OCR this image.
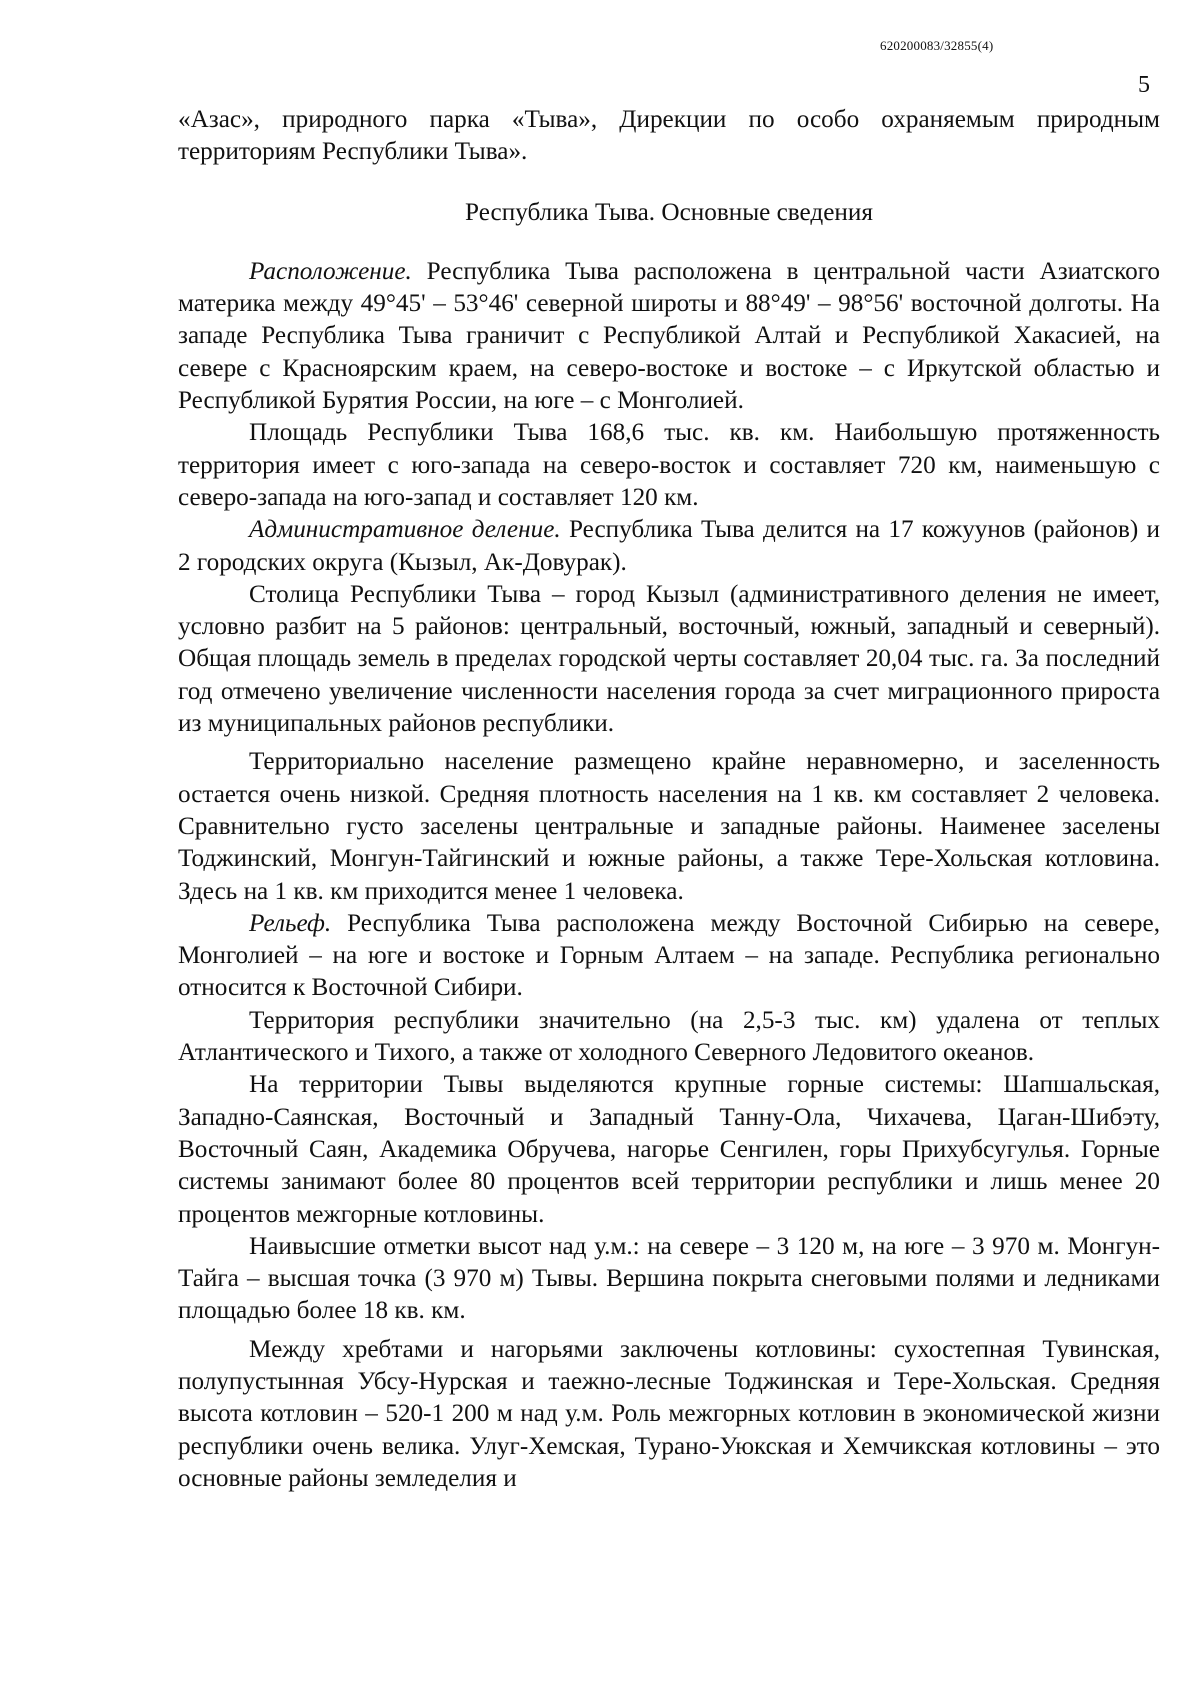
620200083/32855(4)
5

«Азас», природного парка «Тыва», Дирекции по особо охраняемым природным территориям Республики Тыва».

Республика Тыва. Основные сведения

Расположение. Республика Тыва расположена в центральной части Азиатского материка между 49°45' – 53°46' северной широты и 88°49' – 98°56' восточной долготы. На западе Республика Тыва граничит с Республикой Алтай и Республикой Хакасией, на севере с Красноярским краем, на северо-востоке и востоке – с Иркутской областью и Республикой Бурятия России, на юге – с Монголией.

Площадь Республики Тыва 168,6 тыс. кв. км. Наибольшую протяженность территория имеет с юго-запада на северо-восток и составляет 720 км, наименьшую с северо-запада на юго-запад и составляет 120 км.

Административное деление. Республика Тыва делится на 17 кожуунов (районов) и 2 городских округа (Кызыл, Ак-Довурак).

Столица Республики Тыва – город Кызыл (административного деления не имеет, условно разбит на 5 районов: центральный, восточный, южный, западный и северный). Общая площадь земель в пределах городской черты составляет 20,04 тыс. га. За последний год отмечено увеличение численности населения города за счет миграционного прироста из муниципальных районов республики.

Территориально население размещено крайне неравномерно, и заселенность остается очень низкой. Средняя плотность населения на 1 кв. км составляет 2 человека. Сравнительно густо заселены центральные и западные районы. Наименее заселены Тоджинский, Монгун-Тайгинский и южные районы, а также Тере-Хольская котловина. Здесь на 1 кв. км приходится менее 1 человека.

Рельеф. Республика Тыва расположена между Восточной Сибирью на севере, Монголией – на юге и востоке и Горным Алтаем – на западе. Республика регионально относится к Восточной Сибири.

Территория республики значительно (на 2,5-3 тыс. км) удалена от теплых Атлантического и Тихого, а также от холодного Северного Ледовитого океанов.

На территории Тывы выделяются крупные горные системы: Шапшальская, Западно-Саянская, Восточный и Западный Танну-Ола, Чихачева, Цаган-Шибэту, Восточный Саян, Академика Обручева, нагорье Сенгилен, горы Прихубсугулья. Горные системы занимают более 80 процентов всей территории республики и лишь менее 20 процентов межгорные котловины.

Наивысшие отметки высот над у.м.: на севере – 3 120 м, на юге – 3 970 м. Монгун-Тайга – высшая точка (3 970 м) Тывы. Вершина покрыта снеговыми полями и ледниками площадью более 18 кв. км.

Между хребтами и нагорьями заключены котловины: сухостепная Тувинская, полупустынная Убсу-Нурская и таежно-лесные Тоджинская и Тере-Хольская. Средняя высота котловин – 520-1 200 м над у.м. Роль межгорных котловин в экономической жизни республики очень велика. Улуг-Хемская, Турано-Уюкская и Хемчикская котловины – это основные районы земледелия и
